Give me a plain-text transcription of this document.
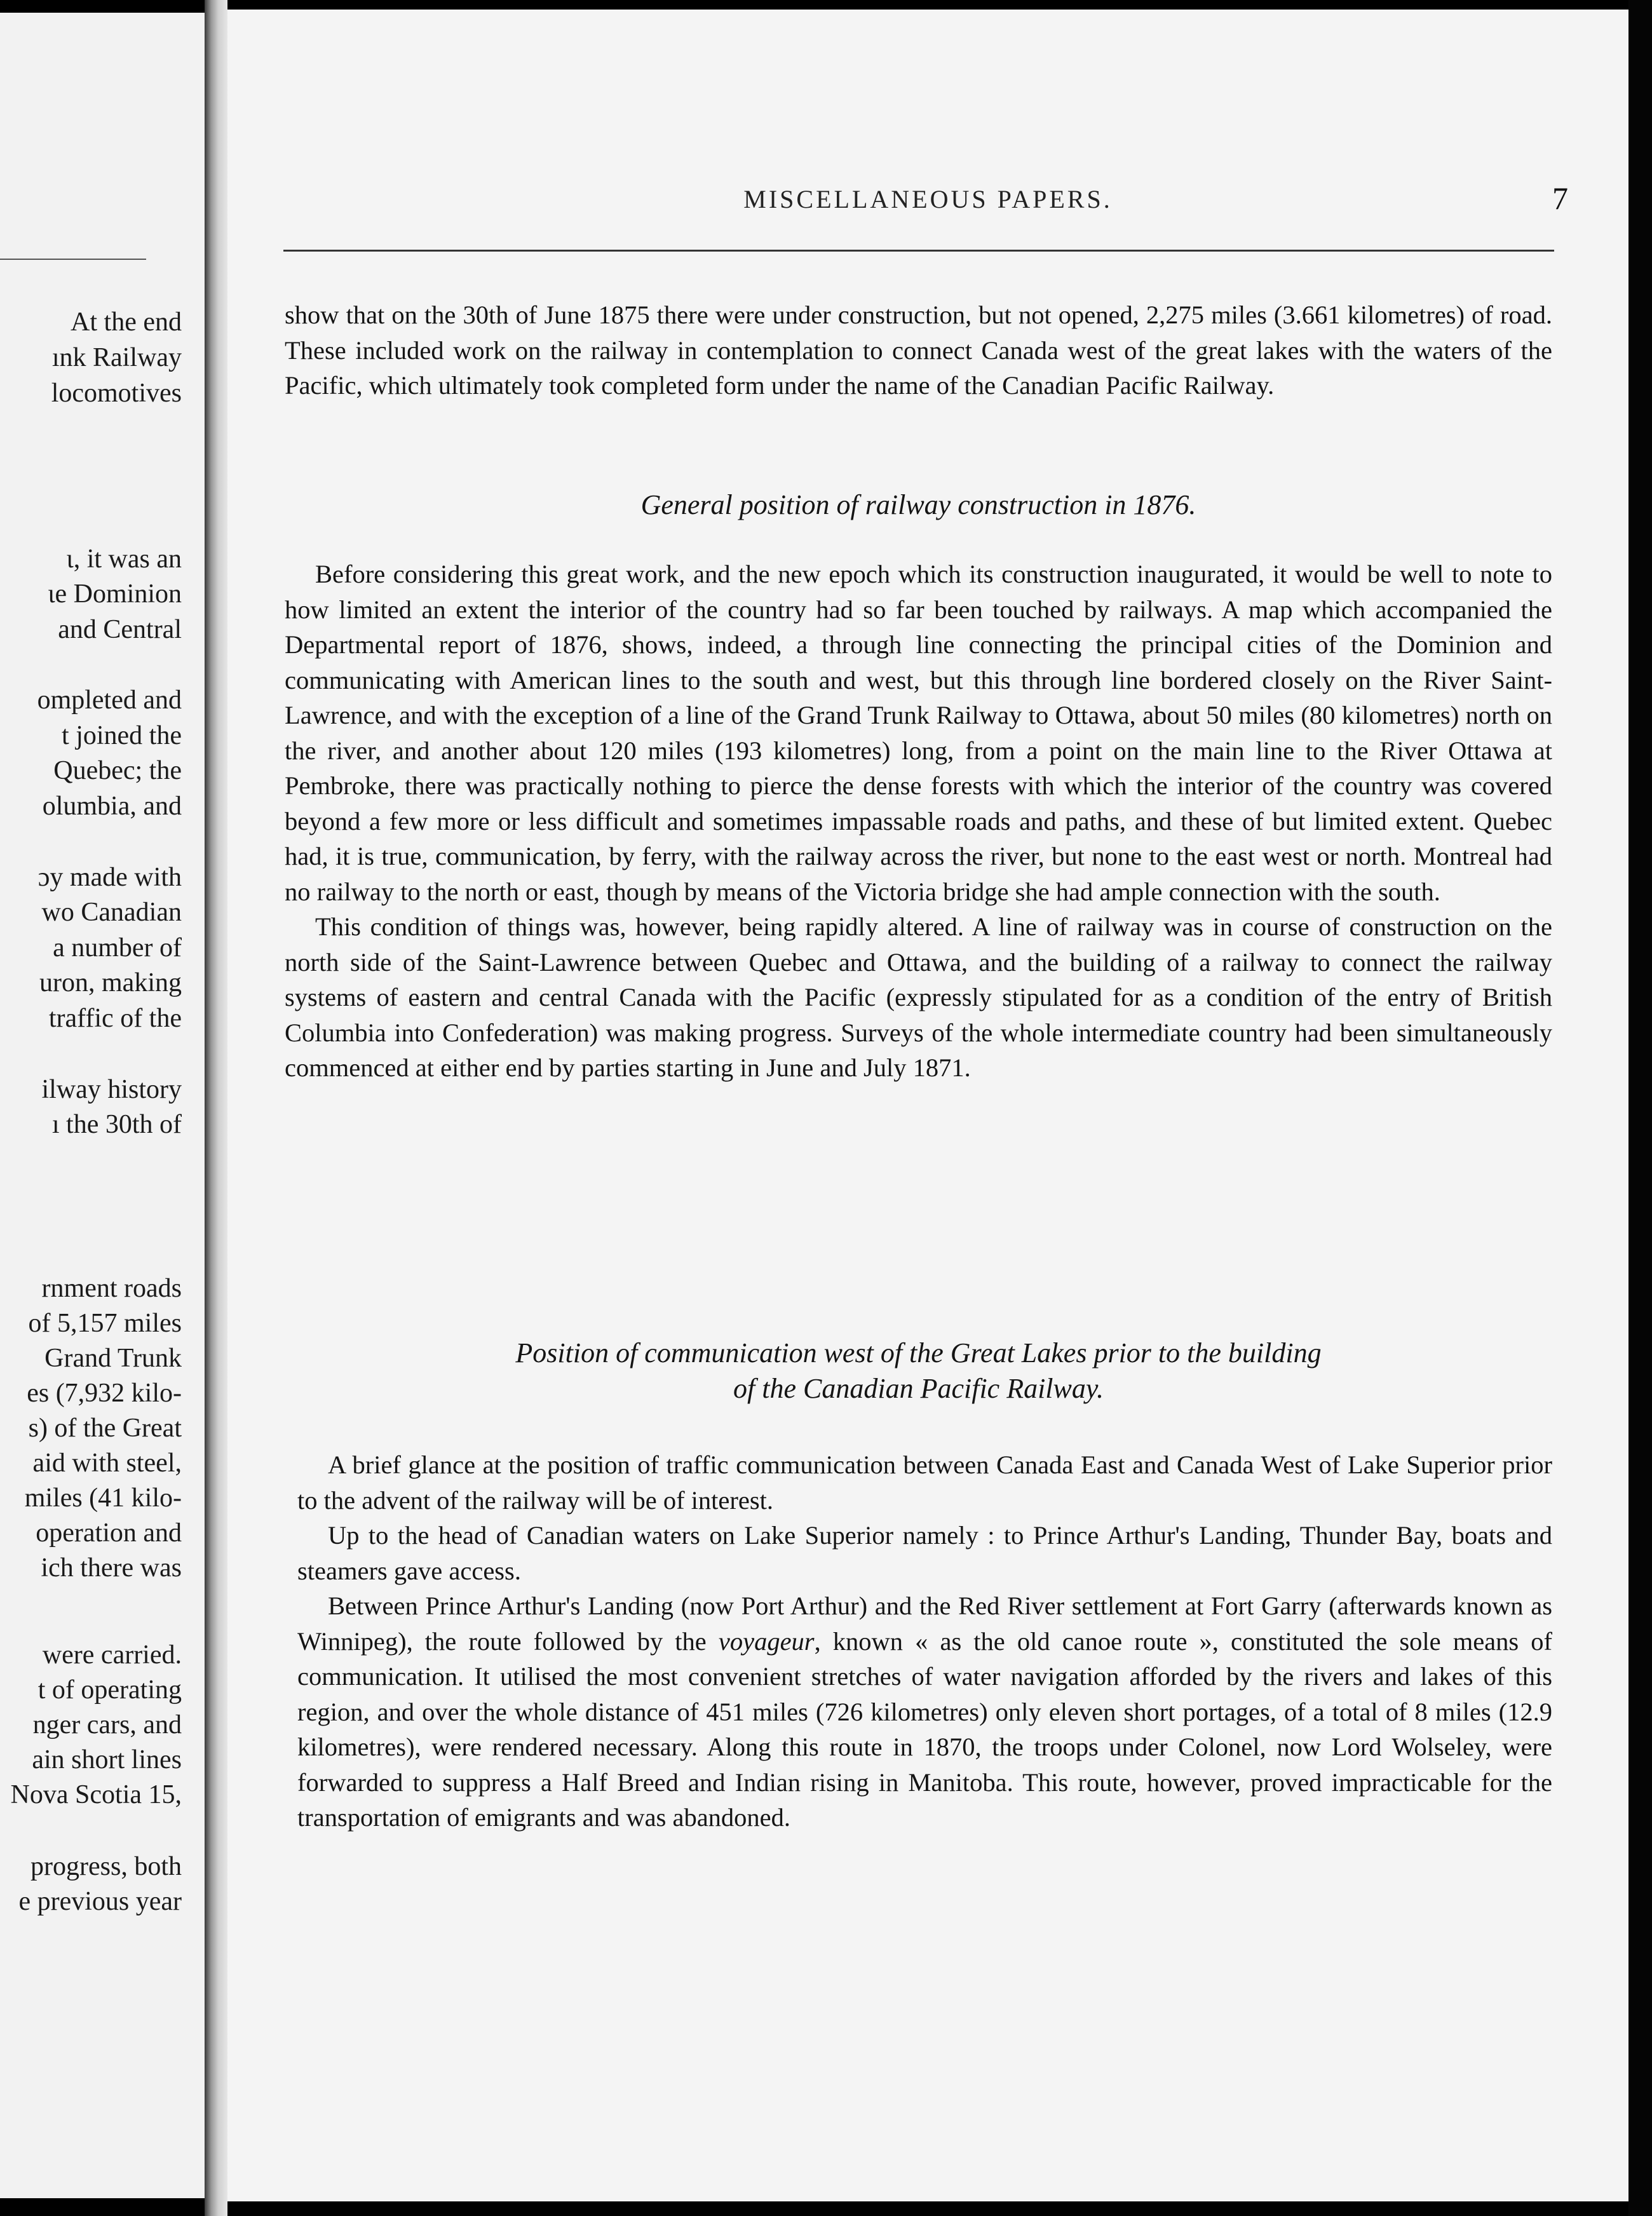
At the end
ınk Railway
locomotives
ι, it was an
ιe Dominion
and Central
ompleted and
t joined the
Quebec; the
olumbia, and
ɔy made with
wo Canadian
a number of
uron, making
traffic of the
ilway history
ı the 30th of
rnment roads
of 5,157 miles
Grand Trunk
es (7,932 kilo-
s) of the Great
aid with steel,
miles (41 kilo-
operation and
ich there was
were carried.
t of operating
nger cars, and
ain short lines
Nova Scotia 15,
progress, both
e previous year
MISCELLANEOUS PAPERS.	7

show that on the 30th of June 1875 there were under construction, but not opened, 2,275 miles (3.661 kilometres) of road. These included work on the railway in contemplation to connect Canada west of the great lakes with the waters of the Pacific, which ultimately took completed form under the name of the Canadian Pacific Railway.

General position of railway construction in 1876.

Before considering this great work, and the new epoch which its construction inaugurated, it would be well to note to how limited an extent the interior of the country had so far been touched by railways. A map which accompanied the Departmental report of 1876, shows, indeed, a through line connecting the principal cities of the Dominion and communicating with American lines to the south and west, but this through line bordered closely on the River Saint-Lawrence, and with the exception of a line of the Grand Trunk Railway to Ottawa, about 50 miles (80 kilometres) north on the river, and another about 120 miles (193 kilometres) long, from a point on the main line to the River Ottawa at Pembroke, there was practically nothing to pierce the dense forests with which the interior of the country was covered beyond a few more or less difficult and sometimes impassable roads and paths, and these of but limited extent. Quebec had, it is true, communication, by ferry, with the railway across the river, but none to the east west or north. Montreal had no railway to the north or east, though by means of the Victoria bridge she had ample connection with the south.

This condition of things was, however, being rapidly altered. A line of railway was in course of construction on the north side of the Saint-Lawrence between Quebec and Ottawa, and the building of a railway to connect the railway systems of eastern and central Canada with the Pacific (expressly stipulated for as a condition of the entry of British Columbia into Confederation) was making progress. Surveys of the whole intermediate country had been simultaneously commenced at either end by parties starting in June and July 1871.

Position of communication west of the Great Lakes prior to the building
of the Canadian Pacific Railway.

A brief glance at the position of traffic communication between Canada East and Canada West of Lake Superior prior to the advent of the railway will be of interest.

Up to the head of Canadian waters on Lake Superior namely : to Prince Arthur's Landing, Thunder Bay, boats and steamers gave access.

Between Prince Arthur's Landing (now Port Arthur) and the Red River settlement at Fort Garry (afterwards known as Winnipeg), the route followed by the voyageur, known « as the old canoe route », constituted the sole means of communication. It utilised the most convenient stretches of water navigation afforded by the rivers and lakes of this region, and over the whole distance of 451 miles (726 kilometres) only eleven short portages, of a total of 8 miles (12.9 kilometres), were rendered necessary. Along this route in 1870, the troops under Colonel, now Lord Wolseley, were forwarded to suppress a Half Breed and Indian rising in Manitoba. This route, however, proved impracticable for the transportation of emigrants and was abandoned.
